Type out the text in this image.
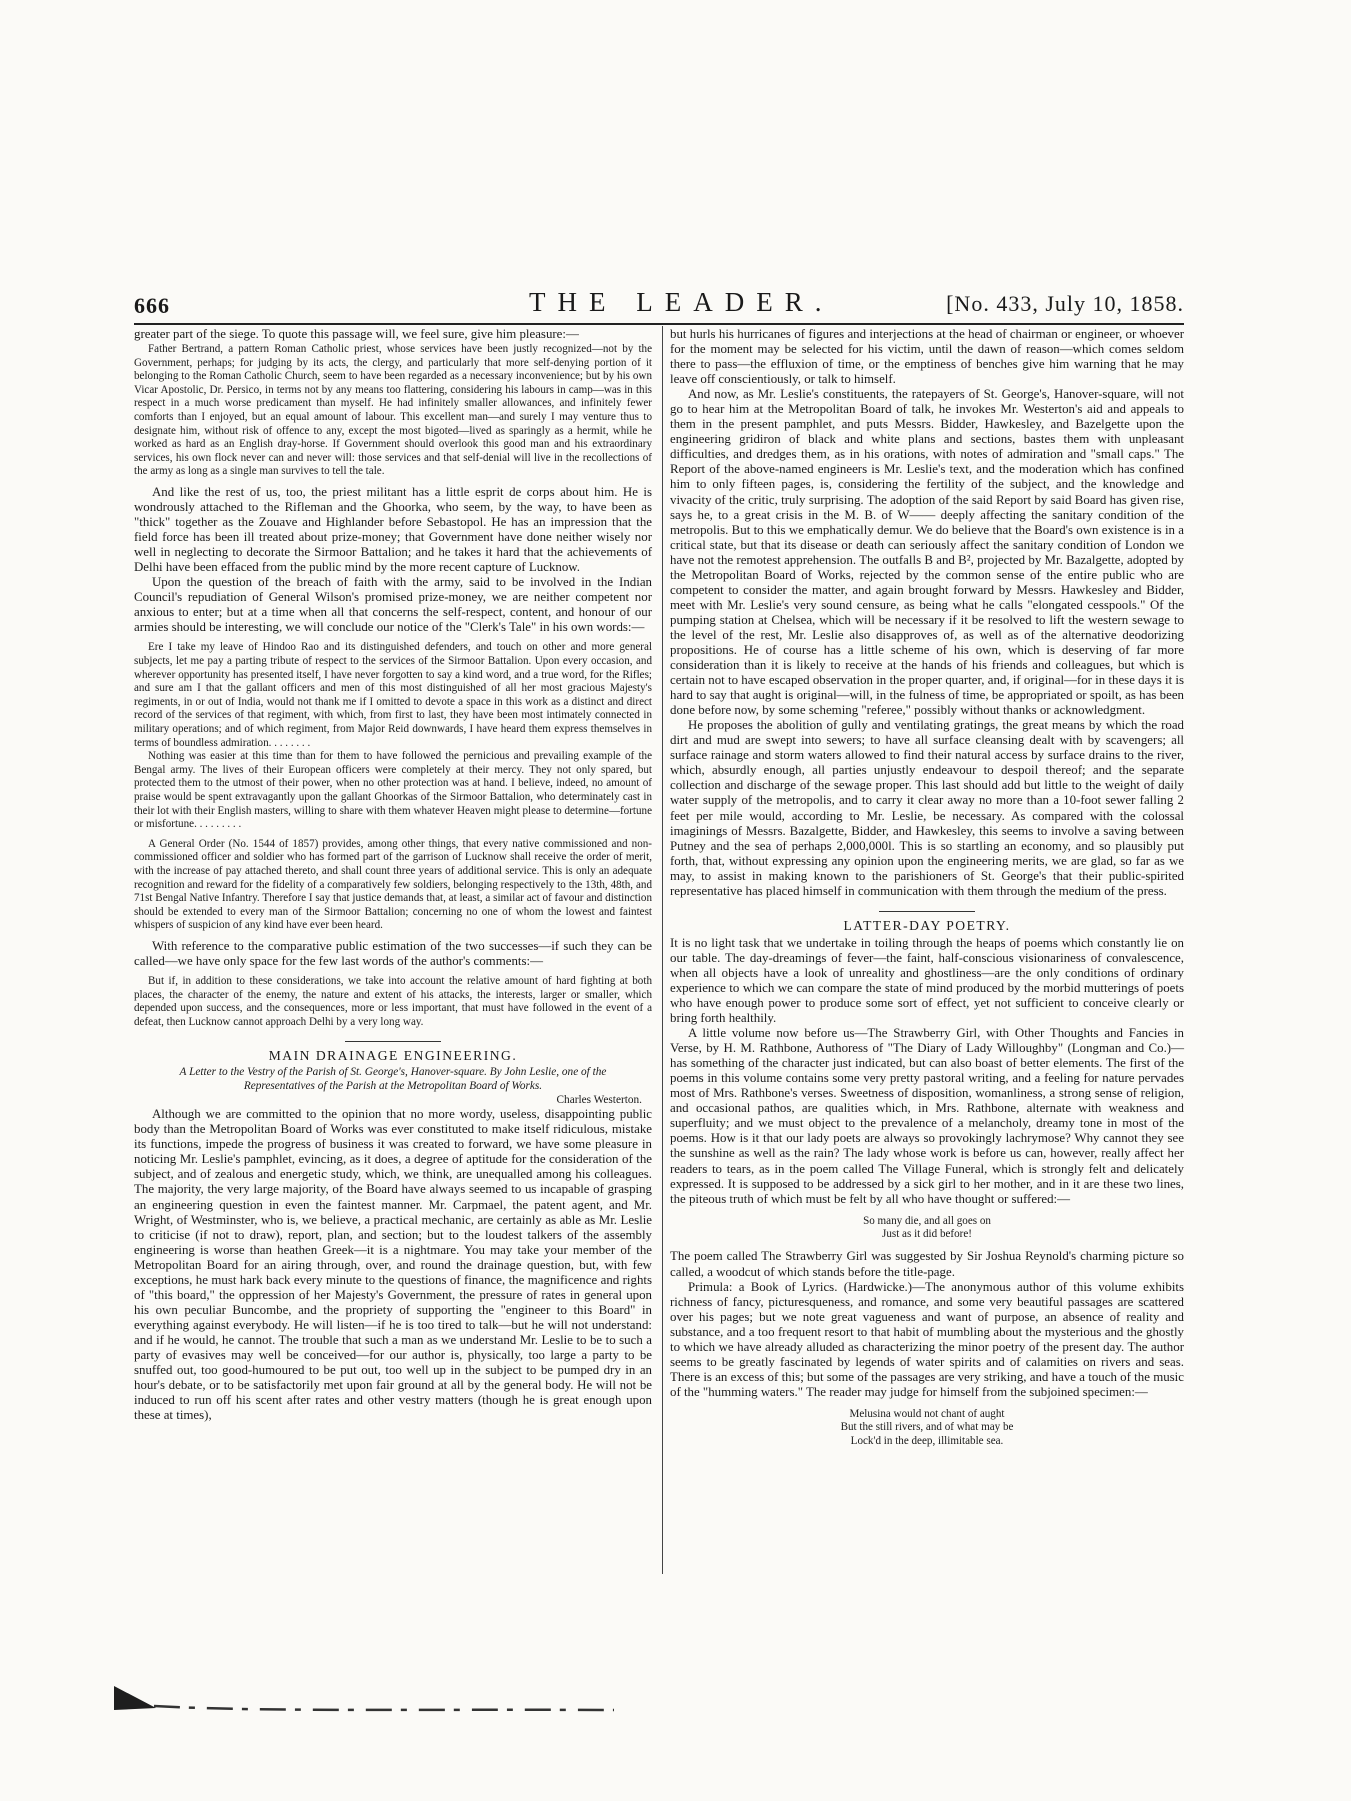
666	THE LEADER.	[No. 433, July 10, 1858.

greater part of the siege. To quote this passage will, we feel sure, give him pleasure:—

Father Bertrand, a pattern Roman Catholic priest, whose services have been justly recognized—not by the Government, perhaps; for judging by its acts, the clergy, and particularly that more self-denying portion of it belonging to the Roman Catholic Church, seem to have been regarded as a necessary inconvenience; but by his own Vicar Apostolic, Dr. Persico, in terms not by any means too flattering, considering his labours in camp—was in this respect in a much worse predicament than myself. He had infinitely smaller allowances, and infinitely fewer comforts than I enjoyed, but an equal amount of labour. This excellent man—and surely I may venture thus to designate him, without risk of offence to any, except the most bigoted—lived as sparingly as a hermit, while he worked as hard as an English dray-horse. If Government should overlook this good man and his extraordinary services, his own flock never can and never will: those services and that self-denial will live in the recollections of the army as long as a single man survives to tell the tale.

And like the rest of us, too, the priest militant has a little esprit de corps about him. He is wondrously attached to the Rifleman and the Ghoorka, who seem, by the way, to have been as "thick" together as the Zouave and Highlander before Sebastopol. He has an impression that the field force has been ill treated about prize-money; that Government have done neither wisely nor well in neglecting to decorate the Sirmoor Battalion; and he takes it hard that the achievements of Delhi have been effaced from the public mind by the more recent capture of Lucknow.

Upon the question of the breach of faith with the army, said to be involved in the Indian Council's repudiation of General Wilson's promised prize-money, we are neither competent nor anxious to enter; but at a time when all that concerns the self-respect, content, and honour of our armies should be interesting, we will conclude our notice of the "Clerk's Tale" in his own words:—

Ere I take my leave of Hindoo Rao and its distinguished defenders, and touch on other and more general subjects, let me pay a parting tribute of respect to the services of the Sirmoor Battalion. Upon every occasion, and wherever opportunity has presented itself, I have never forgotten to say a kind word, and a true word, for the Rifles; and sure am I that the gallant officers and men of this most distinguished of all her most gracious Majesty's regiments, in or out of India, would not thank me if I omitted to devote a space in this work as a distinct and direct record of the services of that regiment, with which, from first to last, they have been most intimately connected in military operations; and of which regiment, from Major Reid downwards, I have heard them express themselves in terms of boundless admiration. . . . . . . .

Nothing was easier at this time than for them to have followed the pernicious and prevailing example of the Bengal army. The lives of their European officers were completely at their mercy. They not only spared, but protected them to the utmost of their power, when no other protection was at hand. I believe, indeed, no amount of praise would be spent extravagantly upon the gallant Ghoorkas of the Sirmoor Battalion, who determinately cast in their lot with their English masters, willing to share with them whatever Heaven might please to determine—fortune or misfortune. . . . . . . . .

A General Order (No. 1544 of 1857) provides, among other things, that every native commissioned and non-commissioned officer and soldier who has formed part of the garrison of Lucknow shall receive the order of merit, with the increase of pay attached thereto, and shall count three years of additional service. This is only an adequate recognition and reward for the fidelity of a comparatively few soldiers, belonging respectively to the 13th, 48th, and 71st Bengal Native Infantry. Therefore I say that justice demands that, at least, a similar act of favour and distinction should be extended to every man of the Sirmoor Battalion; concerning no one of whom the lowest and faintest whispers of suspicion of any kind have ever been heard.

With reference to the comparative public estimation of the two successes—if such they can be called—we have only space for the few last words of the author's comments:—

But if, in addition to these considerations, we take into account the relative amount of hard fighting at both places, the character of the enemy, the nature and extent of his attacks, the interests, larger or smaller, which depended upon success, and the consequences, more or less important, that must have followed in the event of a defeat, then Lucknow cannot approach Delhi by a very long way.

MAIN DRAINAGE ENGINEERING.
A Letter to the Vestry of the Parish of St. George's, Hanover-square. By John Leslie, one of the Representatives of the Parish at the Metropolitan Board of Works.
Charles Westerton.

Although we are committed to the opinion that no more wordy, useless, disappointing public body than the Metropolitan Board of Works was ever constituted to make itself ridiculous, mistake its functions, impede the progress of business it was created to forward, we have some pleasure in noticing Mr. Leslie's pamphlet, evincing, as it does, a degree of aptitude for the consideration of the subject, and of zealous and energetic study, which, we think, are unequalled among his colleagues. The majority, the very large majority, of the Board have always seemed to us incapable of grasping an engineering question in even the faintest manner. Mr. Carpmael, the patent agent, and Mr. Wright, of Westminster, who is, we believe, a practical mechanic, are certainly as able as Mr. Leslie to criticise (if not to draw), report, plan, and section; but to the loudest talkers of the assembly engineering is worse than heathen Greek—it is a nightmare. You may take your member of the Metropolitan Board for an airing through, over, and round the drainage question, but, with few exceptions, he must hark back every minute to the questions of finance, the magnificence and rights of "this board," the oppression of her Majesty's Government, the pressure of rates in general upon his own peculiar Buncombe, and the propriety of supporting the "engineer to this Board" in everything against everybody. He will listen—if he is too tired to talk—but he will not understand: and if he would, he cannot. The trouble that such a man as we understand Mr. Leslie to be to such a party of evasives may well be conceived—for our author is, physically, too large a party to be snuffed out, too good-humoured to be put out, too well up in the subject to be pumped dry in an hour's debate, or to be satisfactorily met upon fair ground at all by the general body. He will not be induced to run off his scent after rates and other vestry matters (though he is great enough upon these at times),

but hurls his hurricanes of figures and interjections at the head of chairman or engineer, or whoever for the moment may be selected for his victim, until the dawn of reason—which comes seldom there to pass—the effluxion of time, or the emptiness of benches give him warning that he may leave off conscientiously, or talk to himself.

And now, as Mr. Leslie's constituents, the ratepayers of St. George's, Hanover-square, will not go to hear him at the Metropolitan Board of talk, he invokes Mr. Westerton's aid and appeals to them in the present pamphlet, and puts Messrs. Bidder, Hawkesley, and Bazelgette upon the engineering gridiron of black and white plans and sections, bastes them with unpleasant difficulties, and dredges them, as in his orations, with notes of admiration and "small caps." The Report of the above-named engineers is Mr. Leslie's text, and the moderation which has confined him to only fifteen pages, is, considering the fertility of the subject, and the knowledge and vivacity of the critic, truly surprising. The adoption of the said Report by said Board has given rise, says he, to a great crisis in the M. B. of W—— deeply affecting the sanitary condition of the metropolis. But to this we emphatically demur. We do believe that the Board's own existence is in a critical state, but that its disease or death can seriously affect the sanitary condition of London we have not the remotest apprehension. The outfalls B and B², projected by Mr. Bazalgette, adopted by the Metropolitan Board of Works, rejected by the common sense of the entire public who are competent to consider the matter, and again brought forward by Messrs. Hawkesley and Bidder, meet with Mr. Leslie's very sound censure, as being what he calls "elongated cesspools." Of the pumping station at Chelsea, which will be necessary if it be resolved to lift the western sewage to the level of the rest, Mr. Leslie also disapproves of, as well as of the alternative deodorizing propositions. He of course has a little scheme of his own, which is deserving of far more consideration than it is likely to receive at the hands of his friends and colleagues, but which is certain not to have escaped observation in the proper quarter, and, if original—for in these days it is hard to say that aught is original—will, in the fulness of time, be appropriated or spoilt, as has been done before now, by some scheming "referee," possibly without thanks or acknowledgment.

He proposes the abolition of gully and ventilating gratings, the great means by which the road dirt and mud are swept into sewers; to have all surface cleansing dealt with by scavengers; all surface rainage and storm waters allowed to find their natural access by surface drains to the river, which, absurdly enough, all parties unjustly endeavour to despoil thereof; and the separate collection and discharge of the sewage proper. This last should add but little to the weight of daily water supply of the metropolis, and to carry it clear away no more than a 10-foot sewer falling 2 feet per mile would, according to Mr. Leslie, be necessary. As compared with the colossal imaginings of Messrs. Bazalgette, Bidder, and Hawkesley, this seems to involve a saving between Putney and the sea of perhaps 2,000,000l. This is so startling an economy, and so plausibly put forth, that, without expressing any opinion upon the engineering merits, we are glad, so far as we may, to assist in making known to the parishioners of St. George's that their public-spirited representative has placed himself in communication with them through the medium of the press.

LATTER-DAY POETRY.

It is no light task that we undertake in toiling through the heaps of poems which constantly lie on our table. The day-dreamings of fever—the faint, half-conscious visionariness of convalescence, when all objects have a look of unreality and ghostliness—are the only conditions of ordinary experience to which we can compare the state of mind produced by the morbid mutterings of poets who have enough power to produce some sort of effect, yet not sufficient to conceive clearly or bring forth healthily.

A little volume now before us—The Strawberry Girl, with Other Thoughts and Fancies in Verse, by H. M. Rathbone, Authoress of "The Diary of Lady Willoughby" (Longman and Co.)—has something of the character just indicated, but can also boast of better elements. The first of the poems in this volume contains some very pretty pastoral writing, and a feeling for nature pervades most of Mrs. Rathbone's verses. Sweetness of disposition, womanliness, a strong sense of religion, and occasional pathos, are qualities which, in Mrs. Rathbone, alternate with weakness and superfluity; and we must object to the prevalence of a melancholy, dreamy tone in most of the poems. How is it that our lady poets are always so provokingly lachrymose? Why cannot they see the sunshine as well as the rain? The lady whose work is before us can, however, really affect her readers to tears, as in the poem called The Village Funeral, which is strongly felt and delicately expressed. It is supposed to be addressed by a sick girl to her mother, and in it are these two lines, the piteous truth of which must be felt by all who have thought or suffered:—

So many die, and all goes on
Just as it did before!

The poem called The Strawberry Girl was suggested by Sir Joshua Reynold's charming picture so called, a woodcut of which stands before the title-page.

Primula: a Book of Lyrics. (Hardwicke.)—The anonymous author of this volume exhibits richness of fancy, picturesqueness, and romance, and some very beautiful passages are scattered over his pages; but we note great vagueness and want of purpose, an absence of reality and substance, and a too frequent resort to that habit of mumbling about the mysterious and the ghostly to which we have already alluded as characterizing the minor poetry of the present day. The author seems to be greatly fascinated by legends of water spirits and of calamities on rivers and seas. There is an excess of this; but some of the passages are very striking, and have a touch of the music of the "humming waters." The reader may judge for himself from the subjoined specimen:—

Melusina would not chant of aught
But the still rivers, and of what may be
Lock'd in the deep, illimitable sea.
